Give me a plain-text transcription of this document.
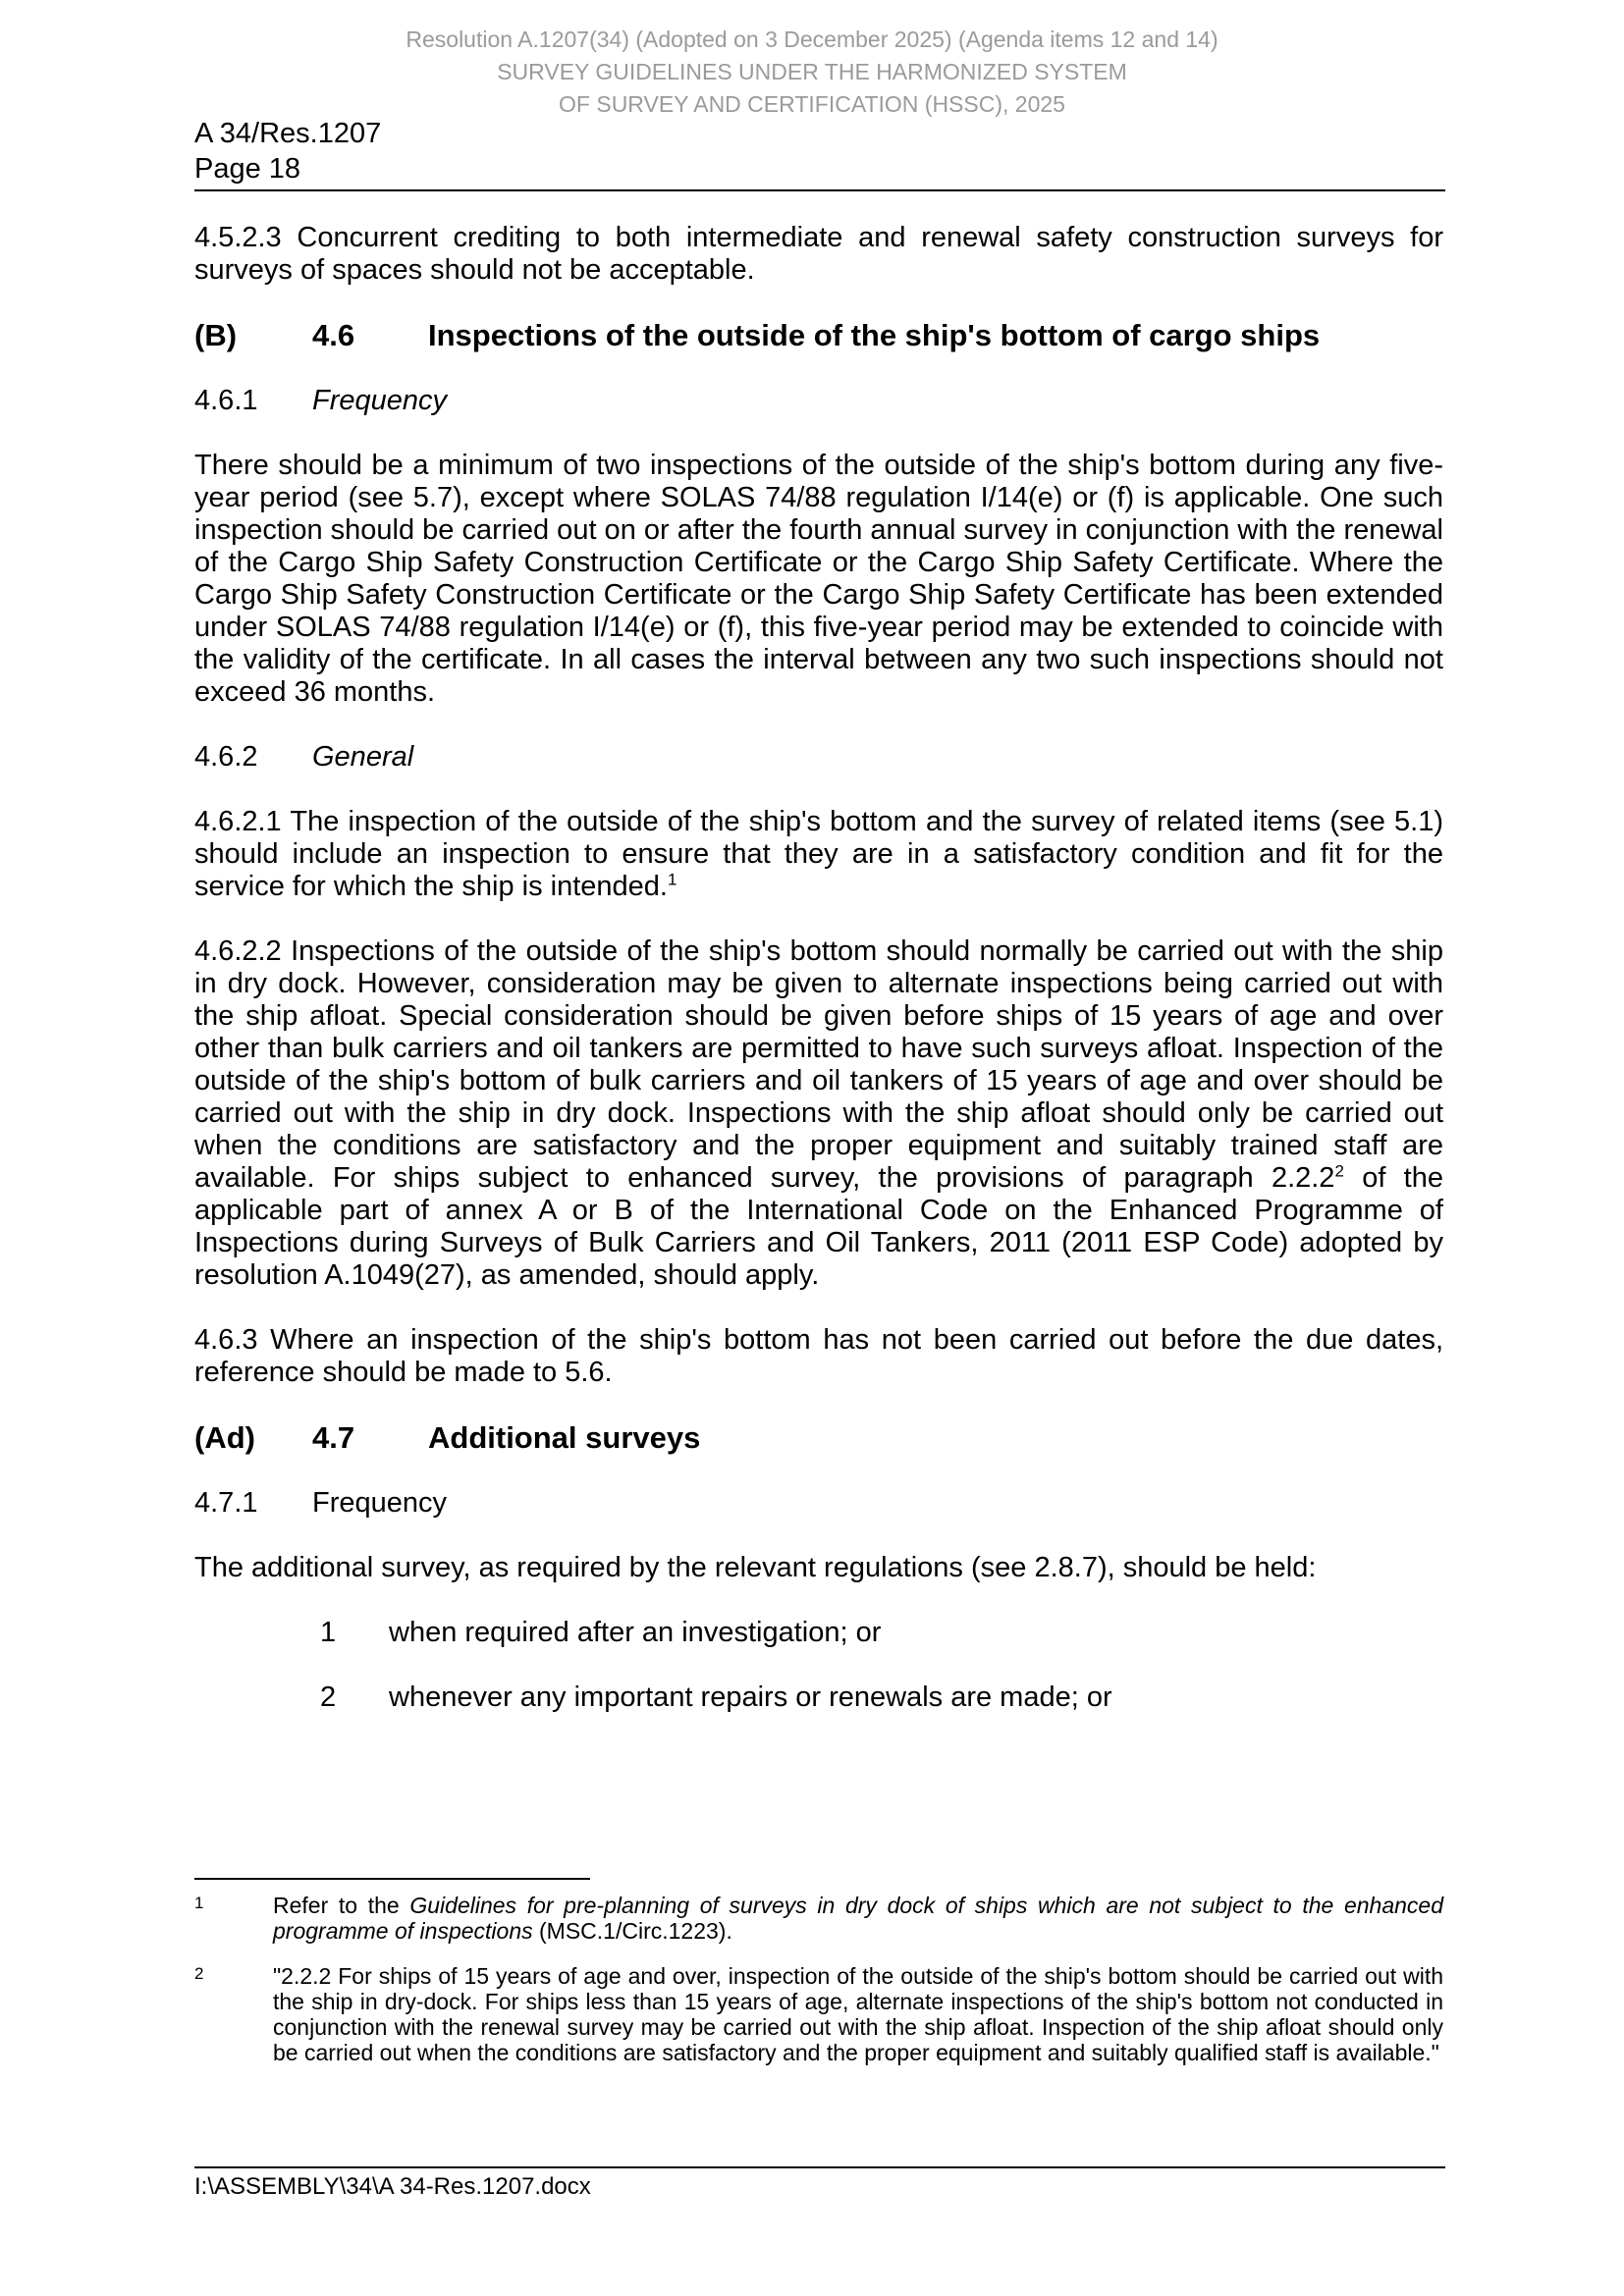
Resolution A.1207(34) (Adopted on 3 December 2025) (Agenda items 12 and 14)
SURVEY GUIDELINES UNDER THE HARMONIZED SYSTEM
OF SURVEY AND CERTIFICATION (HSSC), 2025
A 34/Res.1207
Page 18

4.5.2.3 Concurrent crediting to both intermediate and renewal safety construction surveys for surveys of spaces should not be acceptable.

(B)	4.6	Inspections of the outside of the ship's bottom of cargo ships
4.6.1	Frequency

There should be a minimum of two inspections of the outside of the ship's bottom during any five-year period (see 5.7), except where SOLAS 74/88 regulation I/14(e) or (f) is applicable. One such inspection should be carried out on or after the fourth annual survey in conjunction with the renewal of the Cargo Ship Safety Construction Certificate or the Cargo Ship Safety Certificate. Where the Cargo Ship Safety Construction Certificate or the Cargo Ship Safety Certificate has been extended under SOLAS 74/88 regulation I/14(e) or (f), this five-year period may be extended to coincide with the validity of the certificate. In all cases the interval between any two such inspections should not exceed 36 months.

4.6.2	General

4.6.2.1 The inspection of the outside of the ship's bottom and the survey of related items (see 5.1) should include an inspection to ensure that they are in a satisfactory condition and fit for the service for which the ship is intended.$^1$

4.6.2.2 Inspections of the outside of the ship's bottom should normally be carried out with the ship in dry dock. However, consideration may be given to alternate inspections being carried out with the ship afloat. Special consideration should be given before ships of 15 years of age and over other than bulk carriers and oil tankers are permitted to have such surveys afloat. Inspection of the outside of the ship's bottom of bulk carriers and oil tankers of 15 years of age and over should be carried out with the ship in dry dock. Inspections with the ship afloat should only be carried out when the conditions are satisfactory and the proper equipment and suitably trained staff are available. For ships subject to enhanced survey, the provisions of paragraph 2.2.2$^2$ of the applicable part of annex A or B of the International Code on the Enhanced Programme of Inspections during Surveys of Bulk Carriers and Oil Tankers, 2011 (2011 ESP Code) adopted by resolution A.1049(27), as amended, should apply.

4.6.3 Where an inspection of the ship's bottom has not been carried out before the due dates, reference should be made to 5.6.

(Ad)	4.7	Additional surveys
4.7.1	Frequency

The additional survey, as required by the relevant regulations (see 2.8.7), should be held:

1	when required after an investigation; or
2	whenever any important repairs or renewals are made; or
1	Refer to the Guidelines for pre-planning of surveys in dry dock of ships which are not subject to the enhanced programme of inspections (MSC.1/Circ.1223).
2	"2.2.2 For ships of 15 years of age and over, inspection of the outside of the ship's bottom should be carried out with the ship in dry-dock. For ships less than 15 years of age, alternate inspections of the ship's bottom not conducted in conjunction with the renewal survey may be carried out with the ship afloat. Inspection of the ship afloat should only be carried out when the conditions are satisfactory and the proper equipment and suitably qualified staff is available."
I:\ASSEMBLY\34\A 34-Res.1207.docx
